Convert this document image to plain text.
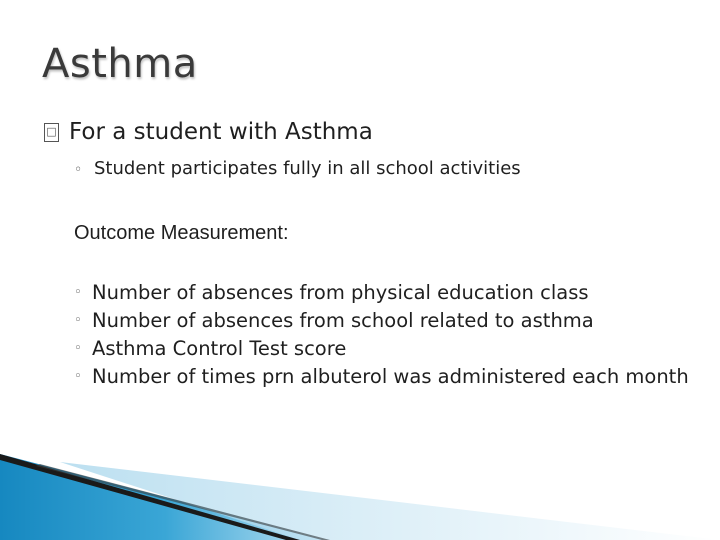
Asthma
□ For a student with Asthma
◦ Student participates fully in all school activities
Outcome Measurement:
◦ Number of absences from physical education class
◦ Number of absences from school related to asthma
◦ Asthma Control Test score
◦ Number of times prn albuterol was administered each month
